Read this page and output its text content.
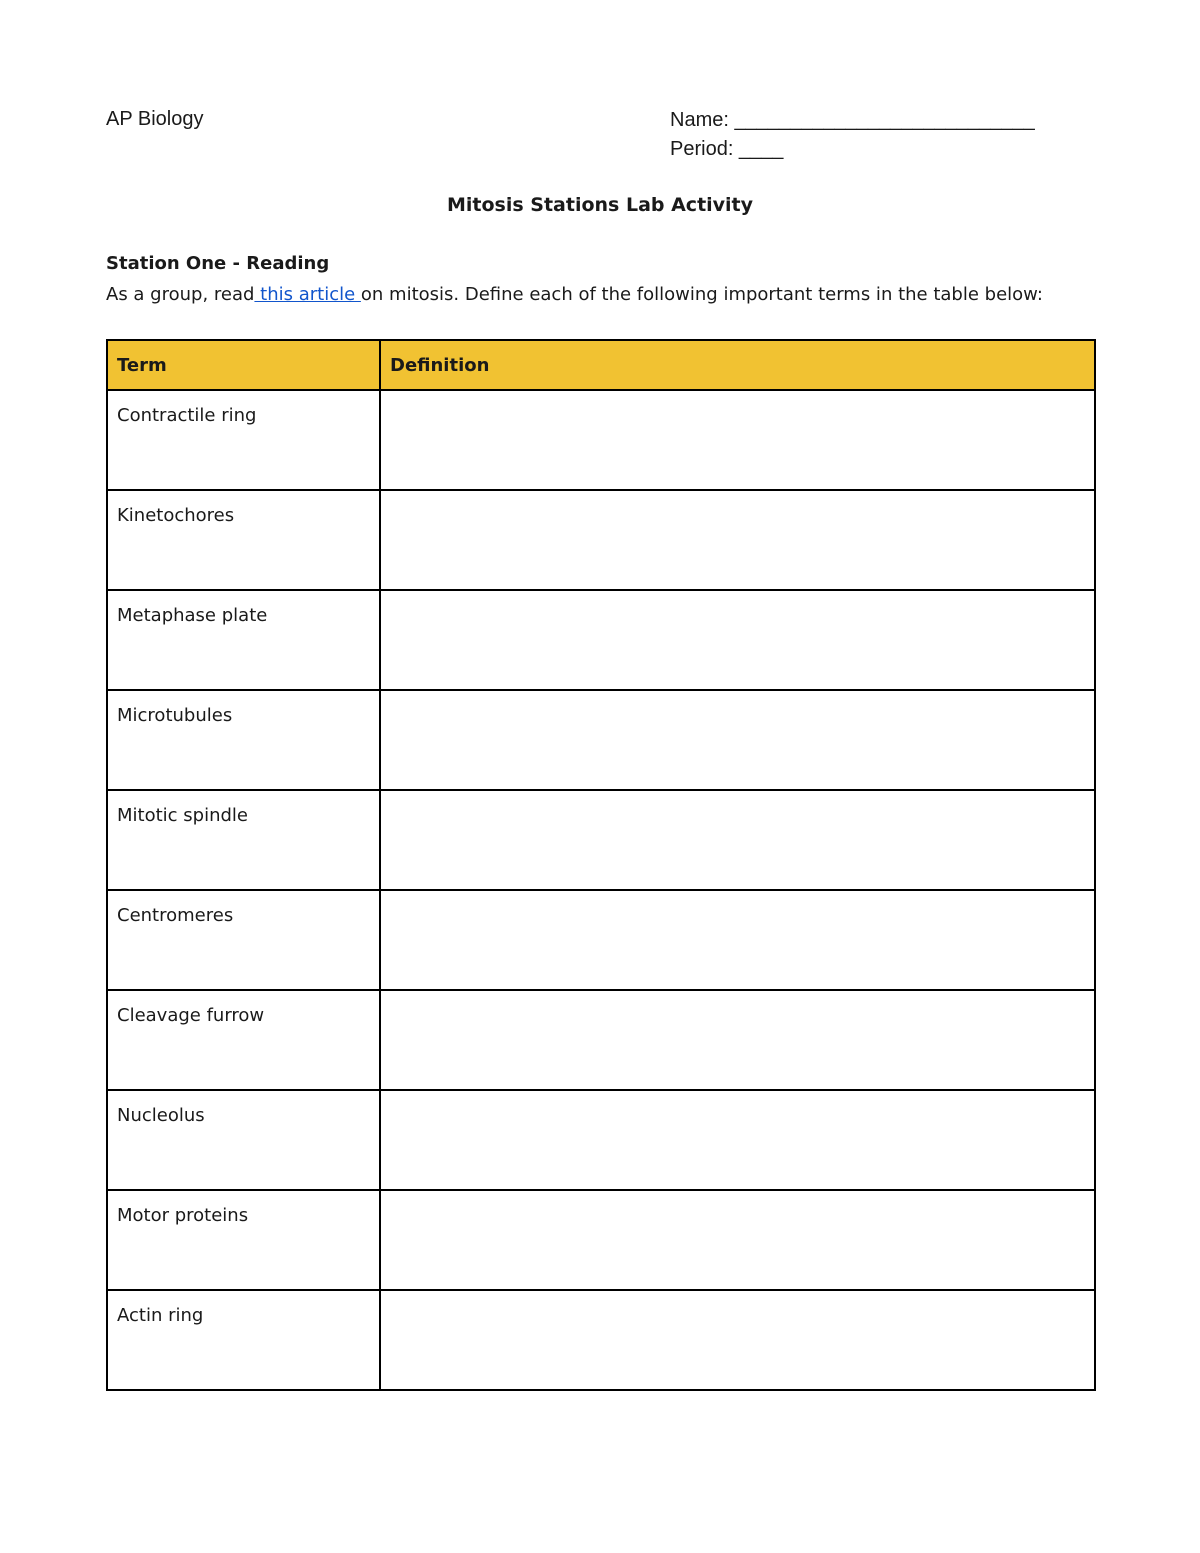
AP Biology	Name: ___________________________
Period: ____
Mitosis Stations Lab Activity
Station One - Reading
As a group, read this article on mitosis. Define each of the following important terms in the table below:
Term	Definition
Contractile ring	
Kinetochores	
Metaphase plate	
Microtubules	
Mitotic spindle	
Centromeres	
Cleavage furrow	
Nucleolus	
Motor proteins	
Actin ring	
